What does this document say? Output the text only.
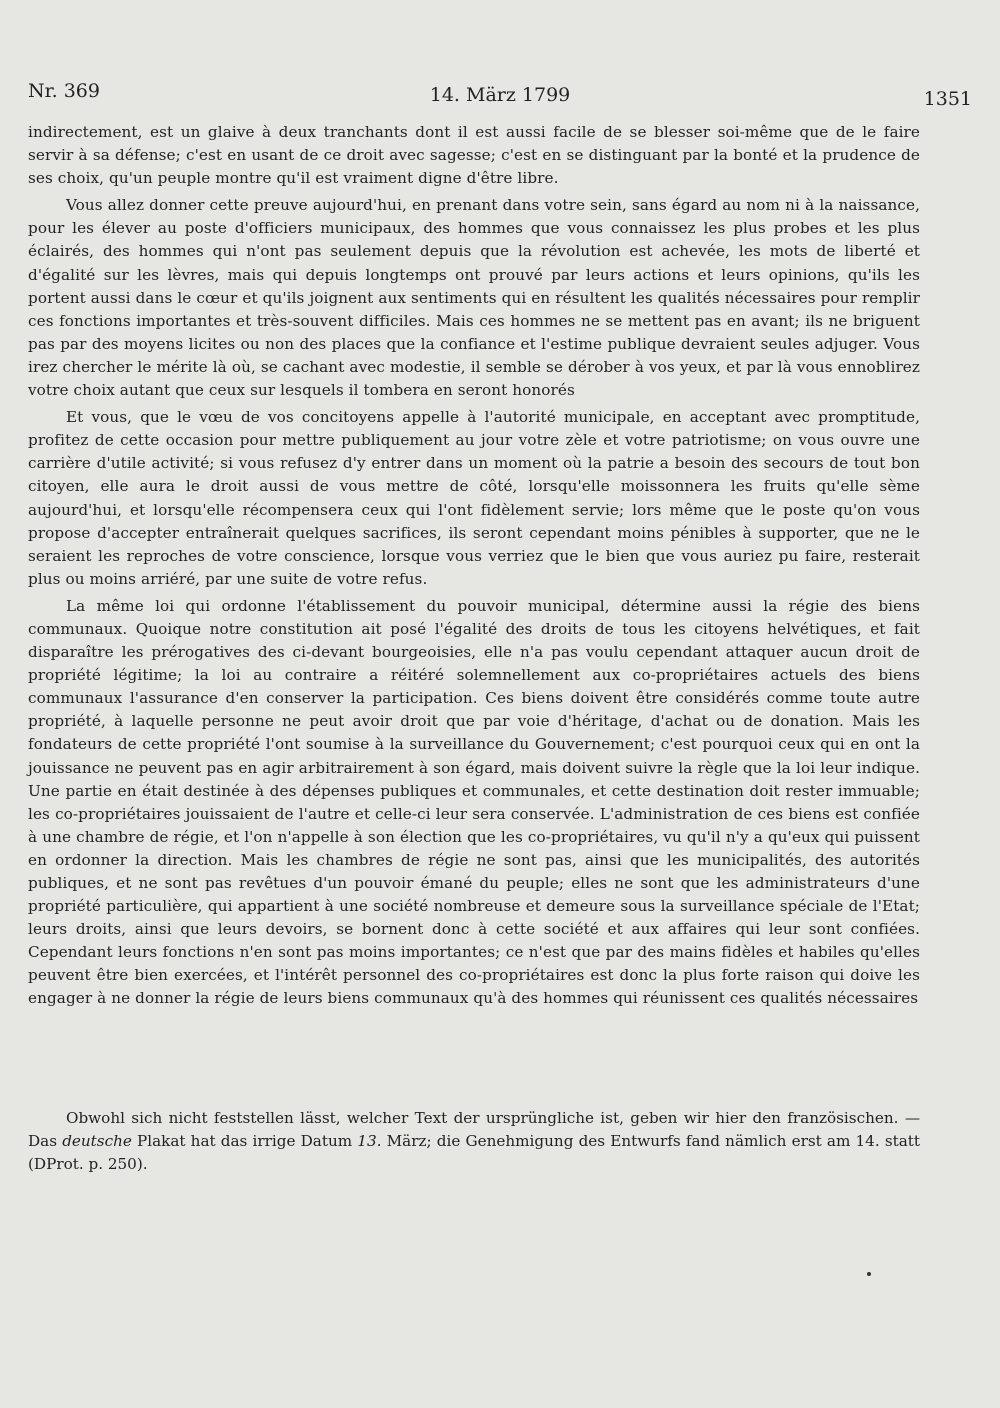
Nr. 369	14. März 1799	1351

indirectement, est un glaive à deux tranchants dont il est aussi facile de se blesser soi-même que de le faire servir à sa défense; c'est en usant de ce droit avec sagesse; c'est en se distinguant par la bonté et la prudence de ses choix, qu'un peuple montre qu'il est vraiment digne d'être libre.

Vous allez donner cette preuve aujourd'hui, en prenant dans votre sein, sans égard au nom ni à la naissance, pour les élever au poste d'officiers municipaux, des hommes que vous connaissez les plus probes et les plus éclairés, des hommes qui n'ont pas seulement depuis que la révolution est achevée, les mots de liberté et d'égalité sur les lèvres, mais qui depuis longtemps ont prouvé par leurs actions et leurs opinions, qu'ils les portent aussi dans le cœur et qu'ils joignent aux sentiments qui en résultent les qualités nécessaires pour remplir ces fonctions importantes et très-souvent difficiles. Mais ces hommes ne se mettent pas en avant; ils ne briguent pas par des moyens licites ou non des places que la confiance et l'estime publique devraient seules adjuger. Vous irez chercher le mérite là où, se cachant avec modestie, il semble se dérober à vos yeux, et par là vous ennoblirez votre choix autant que ceux sur lesquels il tombera en seront honorés

Et vous, que le vœu de vos concitoyens appelle à l'autorité municipale, en acceptant avec promptitude, profitez de cette occasion pour mettre publiquement au jour votre zèle et votre patriotisme; on vous ouvre une carrière d'utile activité; si vous refusez d'y entrer dans un moment où la patrie a besoin des secours de tout bon citoyen, elle aura le droit aussi de vous mettre de côté, lorsqu'elle moissonnera les fruits qu'elle sème aujourd'hui, et lorsqu'elle récompensera ceux qui l'ont fidèlement servie; lors même que le poste qu'on vous propose d'accepter entraînerait quelques sacrifices, ils seront cependant moins pénibles à supporter, que ne le seraient les reproches de votre conscience, lorsque vous verriez que le bien que vous auriez pu faire, resterait plus ou moins arriéré, par une suite de votre refus.

La même loi qui ordonne l'établissement du pouvoir municipal, détermine aussi la régie des biens communaux. Quoique notre constitution ait posé l'égalité des droits de tous les citoyens helvétiques, et fait disparaître les prérogatives des ci-devant bourgeoisies, elle n'a pas voulu cependant attaquer aucun droit de propriété légitime; la loi au contraire a réitéré solemnellement aux co-propriétaires actuels des biens communaux l'assurance d'en conserver la participation. Ces biens doivent être considérés comme toute autre propriété, à laquelle personne ne peut avoir droit que par voie d'héritage, d'achat ou de donation. Mais les fondateurs de cette propriété l'ont soumise à la surveillance du Gouvernement; c'est pourquoi ceux qui en ont la jouissance ne peuvent pas en agir arbitrairement à son égard, mais doivent suivre la règle que la loi leur indique. Une partie en était destinée à des dépenses publiques et communales, et cette destination doit rester immuable; les co-propriétaires jouissaient de l'autre et celle-ci leur sera conservée. L'administration de ces biens est confiée à une chambre de régie, et l'on n'appelle à son élection que les co-propriétaires, vu qu'il n'y a qu'eux qui puissent en ordonner la direction. Mais les chambres de régie ne sont pas, ainsi que les municipalités, des autorités publiques, et ne sont pas revêtues d'un pouvoir émané du peuple; elles ne sont que les administrateurs d'une propriété particulière, qui appartient à une société nombreuse et demeure sous la surveillance spéciale de l'Etat; leurs droits, ainsi que leurs devoirs, se bornent donc à cette société et aux affaires qui leur sont confiées. Cependant leurs fonctions n'en sont pas moins importantes; ce n'est que par des mains fidèles et habiles qu'elles peuvent être bien exercées, et l'intérêt personnel des co-propriétaires est donc la plus forte raison qui doive les engager à ne donner la régie de leurs biens communaux qu'à des hommes qui réunissent ces qualités nécessaires

Obwohl sich nicht feststellen lässt, welcher Text der ursprüngliche ist, geben wir hier den französischen. — Das deutsche Plakat hat das irrige Datum 13. März; die Genehmigung des Entwurfs fand nämlich erst am 14. statt (DProt. p. 250).
